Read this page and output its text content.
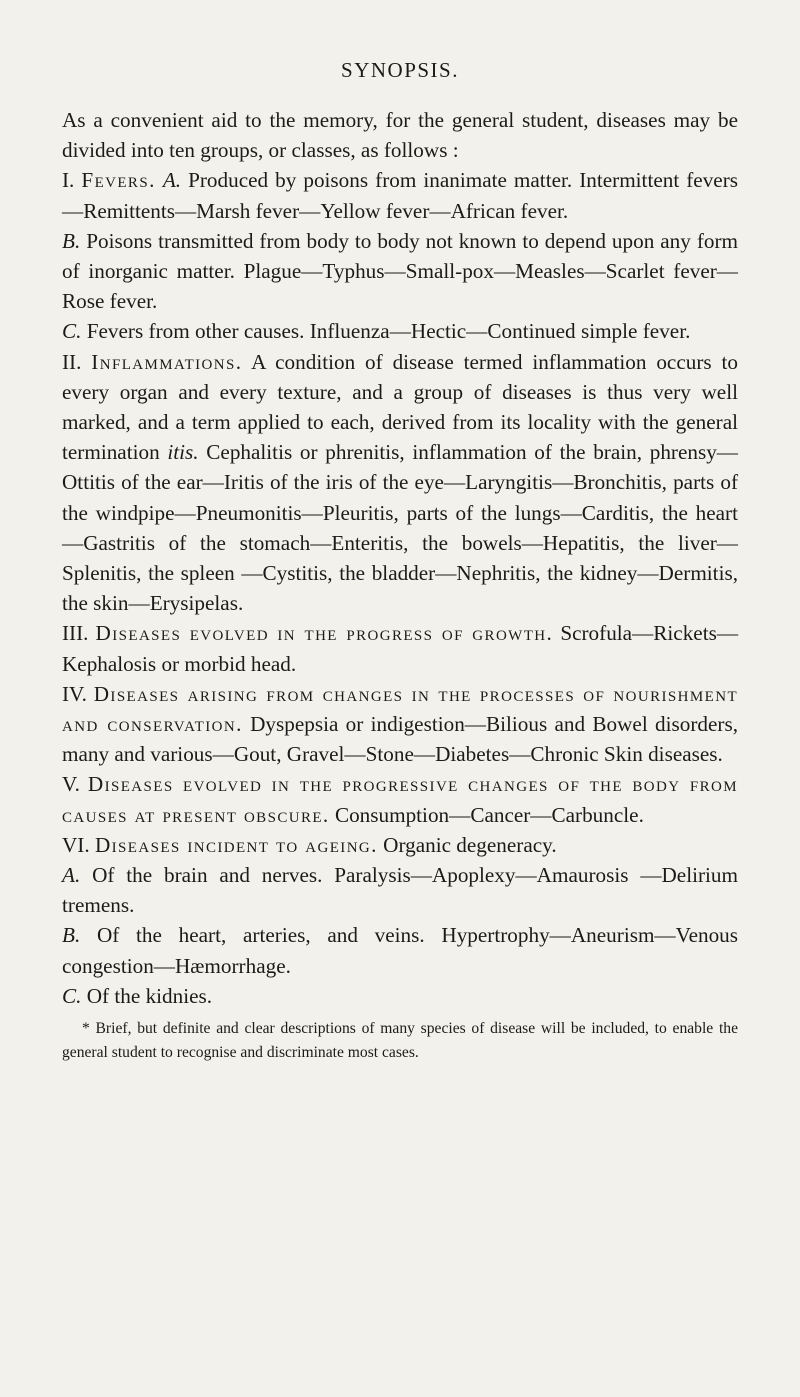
SYNOPSIS.

As a convenient aid to the memory, for the general student, diseases may be divided into ten groups, or classes, as follows :

I. Fevers. A. Produced by poisons from inanimate matter. Intermittent fevers—Remittents—Marsh fever—Yellow fever—African fever.

B. Poisons transmitted from body to body not known to depend upon any form of inorganic matter. Plague—Typhus—Small-pox—Measles—Scarlet fever—Rose fever.

C. Fevers from other causes. Influenza—Hectic—Continued simple fever.

II. Inflammations. A condition of disease termed inflammation occurs to every organ and every texture, and a group of diseases is thus very well marked, and a term applied to each, derived from its locality with the general termination itis. Cephalitis or phrenitis, inflammation of the brain, phrensy—Ottitis of the ear—Iritis of the iris of the eye—Laryngitis—Bronchitis, parts of the windpipe—Pneumonitis—Pleuritis, parts of the lungs—Carditis, the heart—Gastritis of the stomach—Enteritis, the bowels—Hepatitis, the liver—Splenitis, the spleen —Cystitis, the bladder—Nephritis, the kidney—Dermitis, the skin—Erysipelas.

III. Diseases evolved in the progress of growth. Scrofula—Rickets—Kephalosis or morbid head.

IV. Diseases arising from changes in the processes of nourishment and conservation. Dyspepsia or indigestion—Bilious and Bowel disorders, many and various—Gout, Gravel—Stone—Diabetes—Chronic Skin diseases.

V. Diseases evolved in the progressive changes of the body from causes at present obscure. Consumption—Cancer—Carbuncle.

VI. Diseases incident to ageing. Organic degeneracy.

A. Of the brain and nerves. Paralysis—Apoplexy—Amaurosis —Delirium tremens.

B. Of the heart, arteries, and veins. Hypertrophy—Aneurism—Venous congestion—Hæmorrhage.

C. Of the kidnies.

* Brief, but definite and clear descriptions of many species of disease will be included, to enable the general student to recognise and discriminate most cases.
